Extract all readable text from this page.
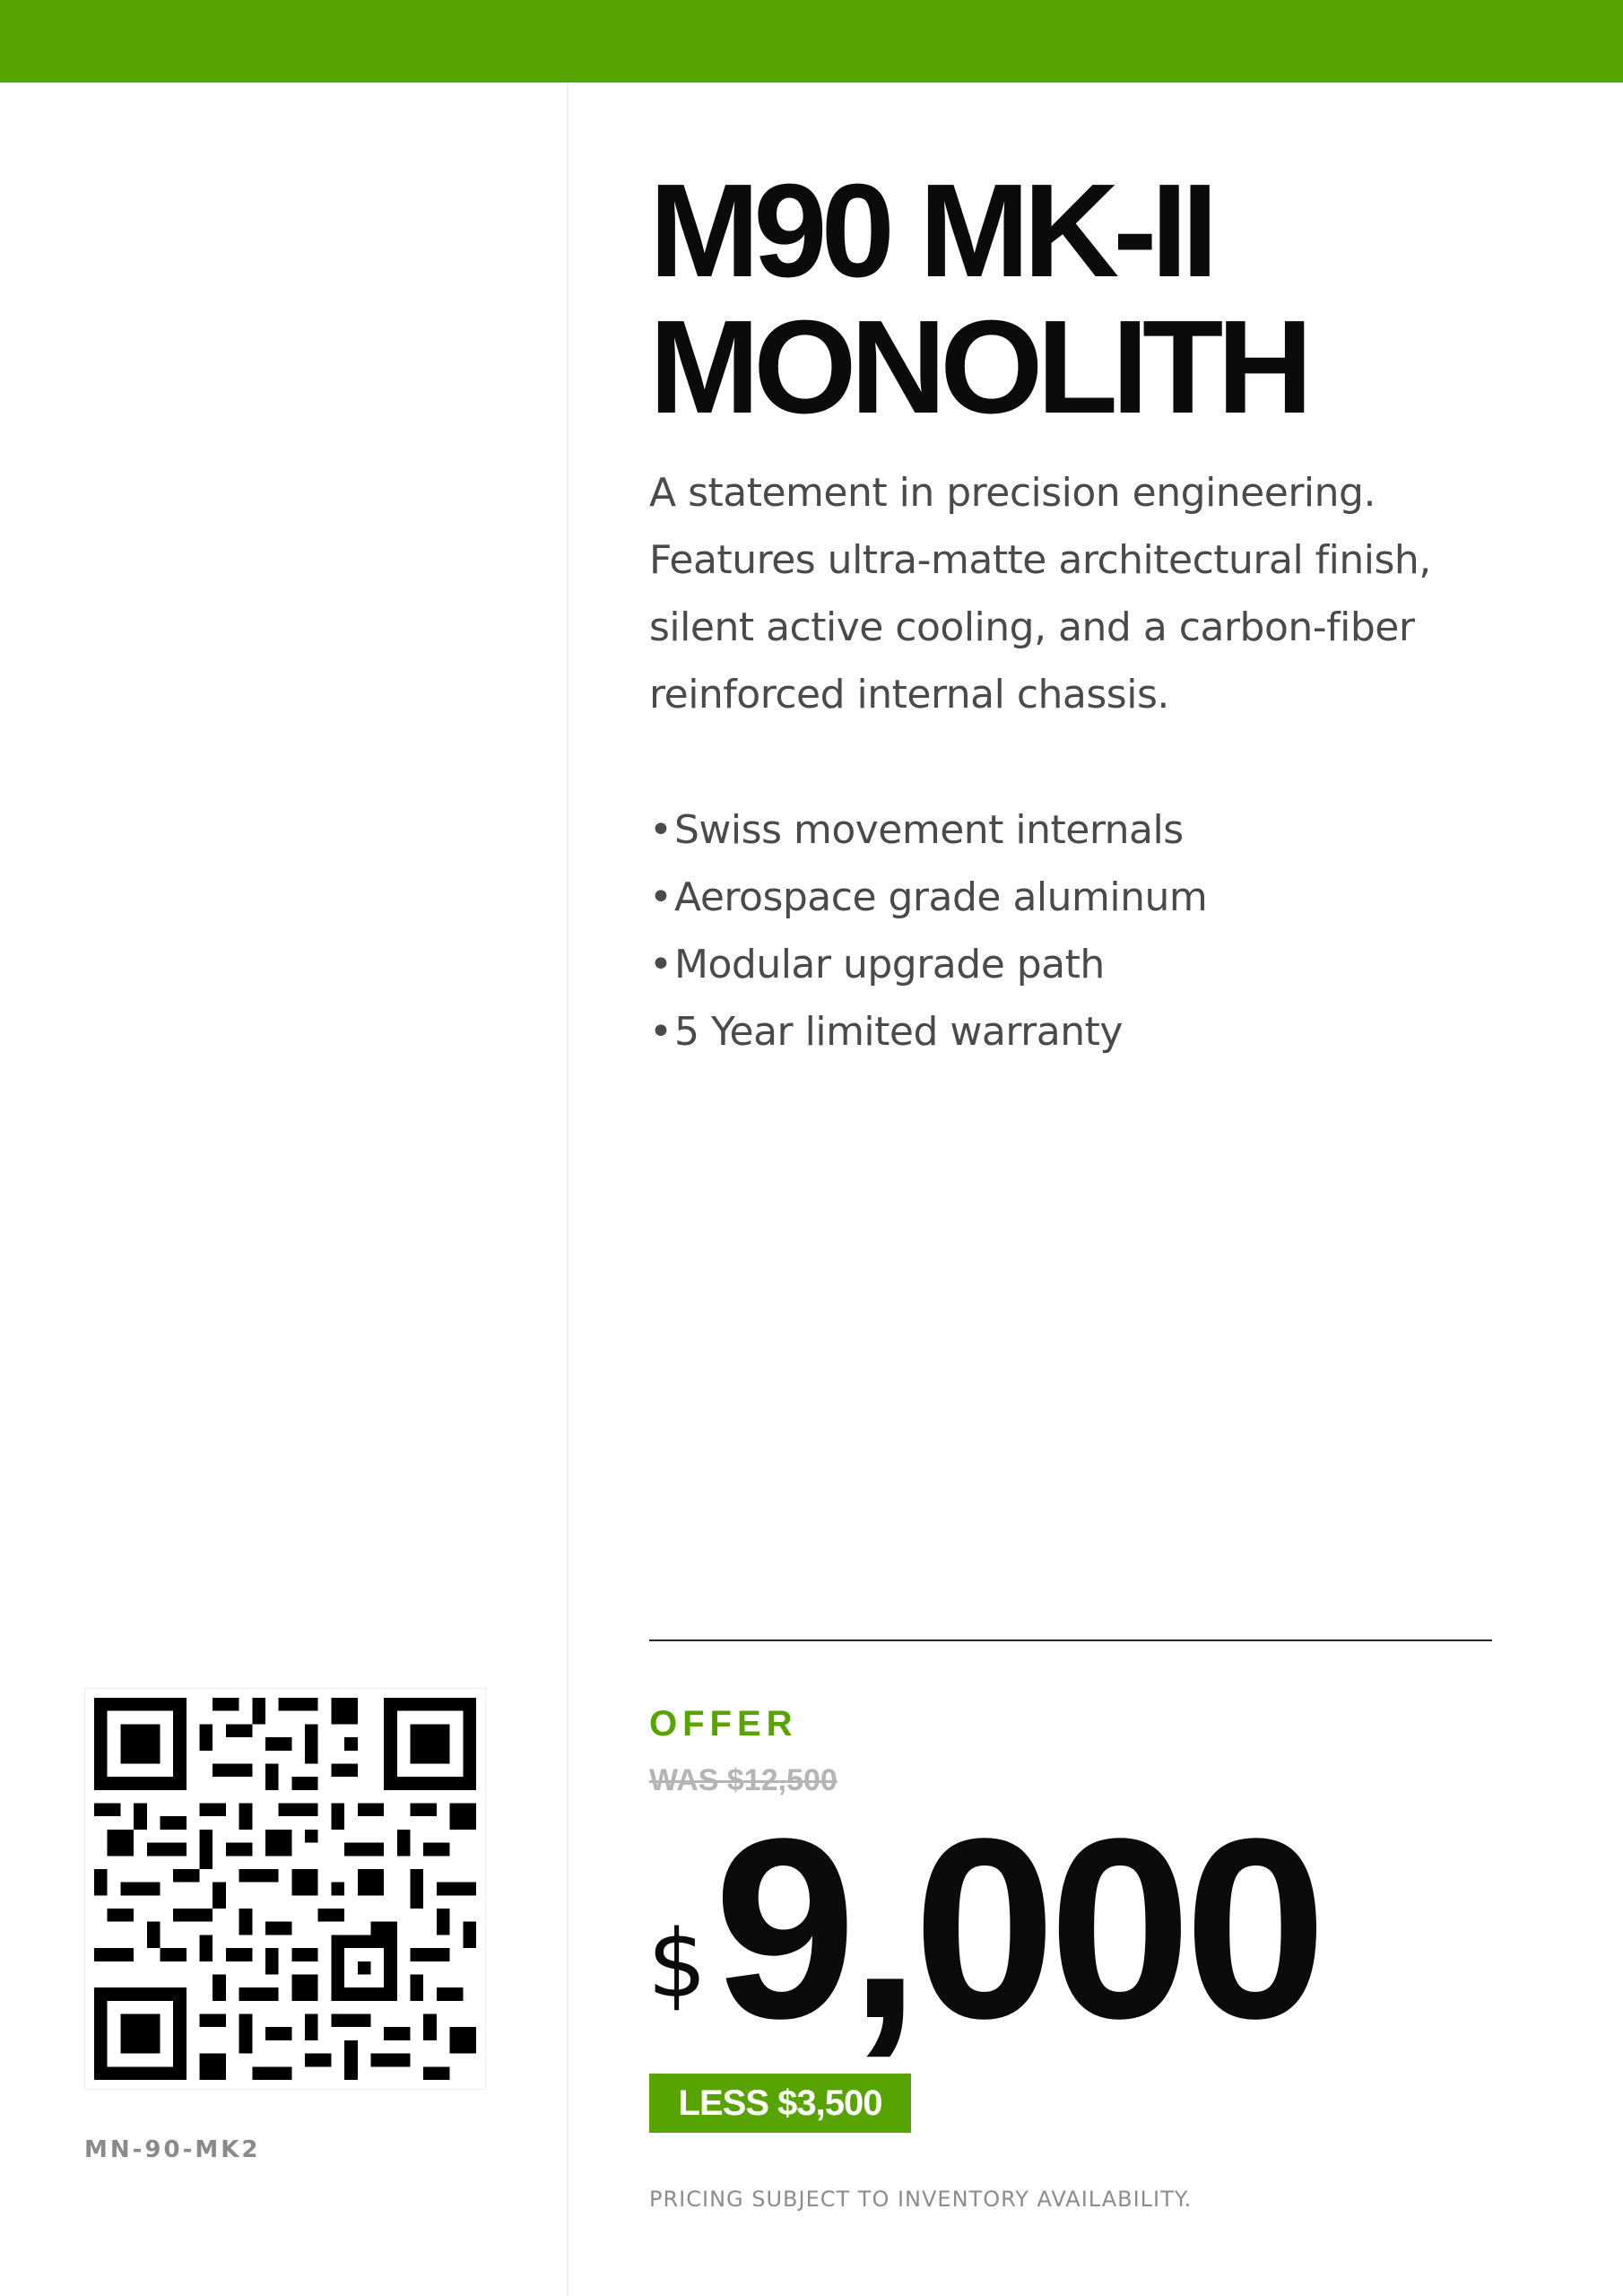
M90 MK-II
MONOLITH

A statement in precision engineering.
Features ultra-matte architectural finish,
silent active cooling, and a carbon-fiber
reinforced internal chassis.

•Swiss movement internals
•Aerospace grade aluminum
•Modular upgrade path
•5 Year limited warranty
OFFER
WAS $12,500
$ 9,000
LESS $3,500
PRICING SUBJECT TO INVENTORY AVAILABILITY.
MN-90-MK2
